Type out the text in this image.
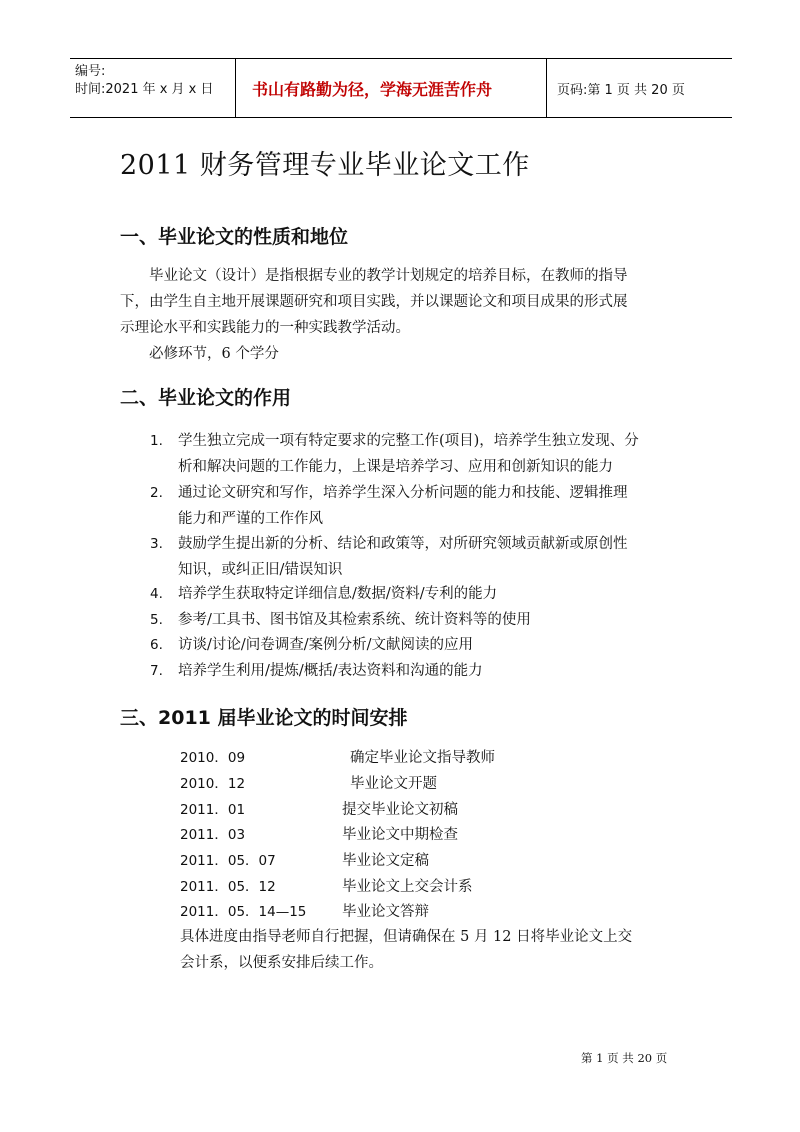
编号:
时间:2021 年 x 月 x 日 书山有路勤为径，学海无涯苦作舟	页码:第 1 页 共 20 页
2011 财务管理专业毕业论文工作
一、毕业论文的性质和地位
毕业论文（设计）是指根据专业的教学计划规定的培养目标，在教师的指导
下，由学生自主地开展课题研究和项目实践，并以课题论文和项目成果的形式展
示理论水平和实践能力的一种实践教学活动。
必修环节，6 个学分
二、毕业论文的作用
1. 学生独立完成一项有特定要求的完整工作(项目)，培养学生独立发现、分
析和解决问题的工作能力，上课是培养学习、应用和创新知识的能力
2. 通过论文研究和写作，培养学生深入分析问题的能力和技能、逻辑推理
能力和严谨的工作作风
3. 鼓励学生提出新的分析、结论和政策等，对所研究领域贡献新或原创性
知识，或纠正旧/错误知识
4. 培养学生获取特定详细信息/数据/资料/专利的能力
5. 参考/工具书、图书馆及其检索系统、统计资料等的使用
6. 访谈/讨论/问卷调查/案例分析/文献阅读的应用
7. 培养学生利用/提炼/概括/表达资料和沟通的能力
三、2011 届毕业论文的时间安排
2010．09	确定毕业论文指导教师
2010．12	毕业论文开题
2011．01	提交毕业论文初稿
2011．03	毕业论文中期检查
2011．05．07	毕业论文定稿
2011．05．12	毕业论文上交会计系
2011．05．14—15 毕业论文答辩
具体进度由指导老师自行把握，但请确保在 5 月 12 日将毕业论文上交
会计系，以便系安排后续工作。
第 1 页 共 20 页
